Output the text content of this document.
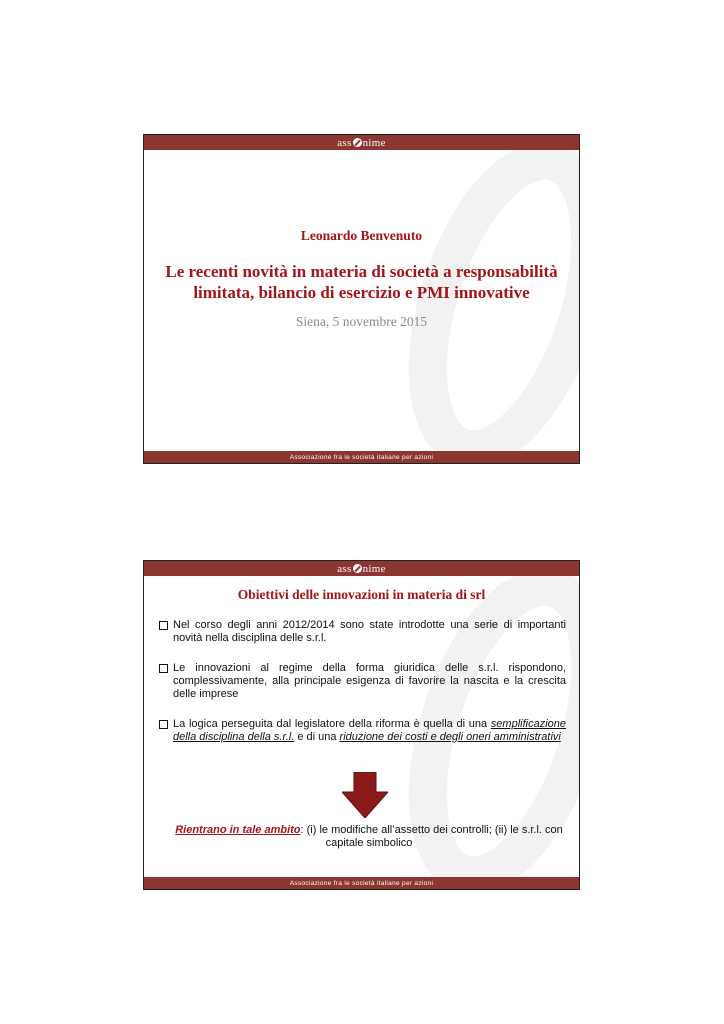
ass nime
Leonardo Benvenuto
Le recenti novità in materia di società a responsabilità
limitata, bilancio di esercizio e PMI innovative
Siena, 5 novembre 2015
Associazione fra le società italiane per azioni
ass nime
Obiettivi delle innovazioni in materia di srl
Nel corso degli anni 2012/2014 sono state introdotte una serie di importanti novità nella disciplina delle s.r.l.
Le innovazioni al regime della forma giuridica delle s.r.l. rispondono, complessivamente, alla principale esigenza di favorire la nascita e la crescita delle imprese
La logica perseguita dal legislatore della riforma è quella di una semplificazione della disciplina della s.r.l. e di una riduzione dei costi e degli oneri amministrativi
Rientrano in tale ambito: (i) le modifiche all’assetto dei controlli; (ii) le s.r.l. con capitale simbolico
Associazione fra le società italiane per azioni
